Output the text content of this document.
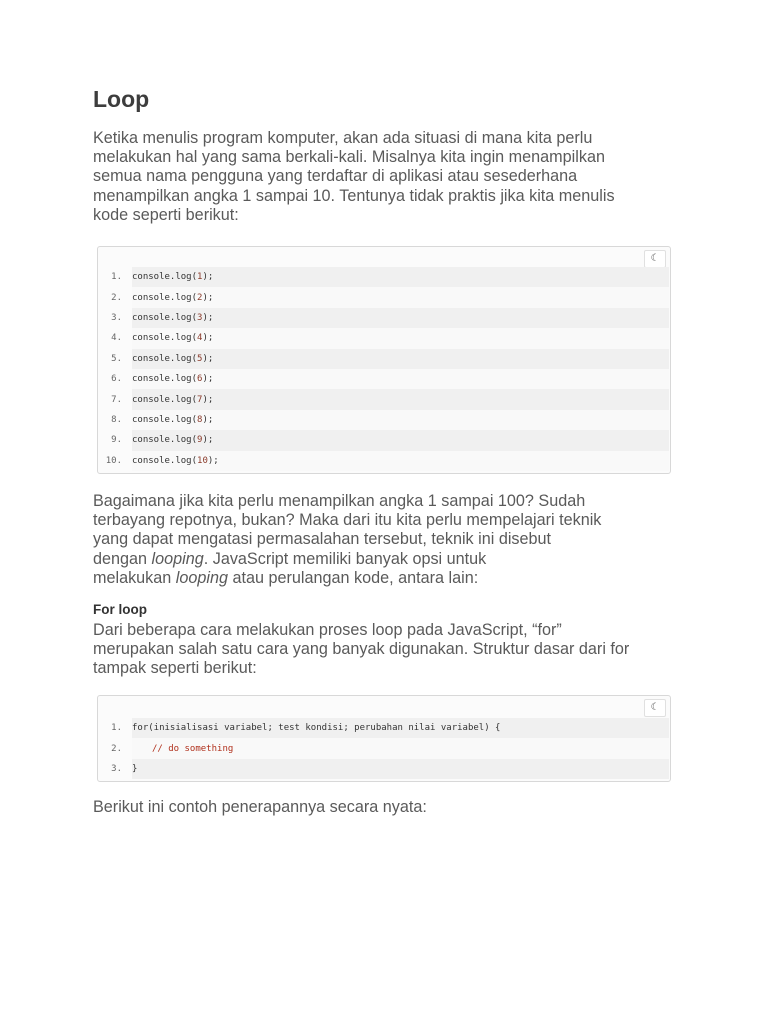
Loop

Ketika menulis program komputer, akan ada situasi di mana kita perlu
melakukan hal yang sama berkali-kali. Misalnya kita ingin menampilkan
semua nama pengguna yang terdaftar di aplikasi atau sesederhana
menampilkan angka 1 sampai 10. Tentunya tidak praktis jika kita menulis
kode seperti berikut:

Bagaimana jika kita perlu menampilkan angka 1 sampai 100? Sudah
terbayang repotnya, bukan? Maka dari itu kita perlu mempelajari teknik
yang dapat mengatasi permasalahan tersebut, teknik ini disebut
dengan looping. JavaScript memiliki banyak opsi untuk
melakukan looping atau perulangan kode, antara lain:

For loop

Dari beberapa cara melakukan proses loop pada JavaScript, “for”
merupakan salah satu cara yang banyak digunakan. Struktur dasar dari for
tampak seperti berikut:

Berikut ini contoh penerapannya secara nyata:

☾
1.	console.log( 1 );
2.	console.log( 2 );
3.	console.log( 3 );
4.	console.log( 4 );
5.	console.log( 5 );
6.	console.log( 6 );
7.	console.log( 7 );
8.	console.log( 8 );
9.	console.log( 9 );
10.	console.log( 10 );
☾
1.	for(inisialisasi variabel; test kondisi; perubahan nilai variabel) {
2.	// do something
3.	}
